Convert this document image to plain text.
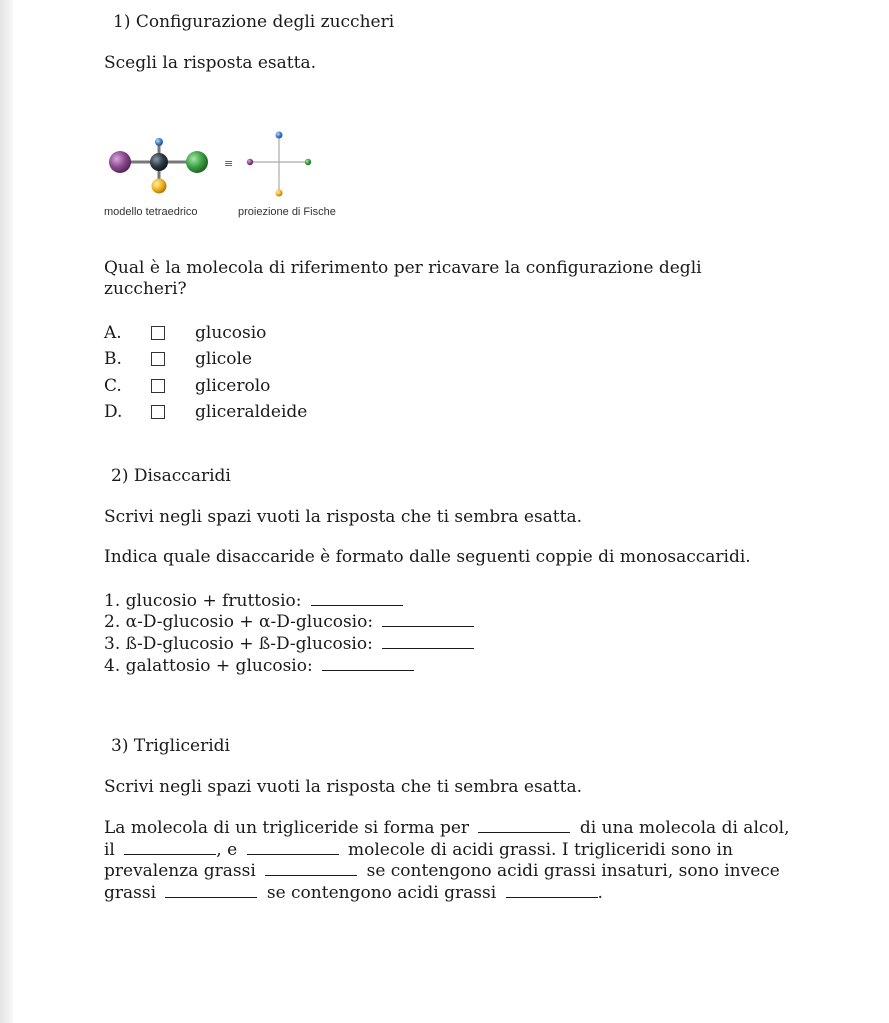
1) Configurazione degli zuccheri
Scegli la risposta esatta.
≡
modello tetraedrico	proiezione di Fische
Qual è la molecola di riferimento per ricavare la configurazione degli
zuccheri?
A.	glucosio
B.	glicole
C.	glicerolo
D.	gliceraldeide
2) Disaccaridi
Scrivi negli spazi vuoti la risposta che ti sembra esatta.
Indica quale disaccaride è formato dalle seguenti coppie di monosaccaridi.
1. glucosio + fruttosio:
2. α-D-glucosio + α-D-glucosio:
3. ß-D-glucosio + ß-D-glucosio:
4. galattosio + glucosio:
3) Trigliceridi
Scrivi negli spazi vuoti la risposta che ti sembra esatta.
La molecola di un trigliceride si forma per	di una molecola di alcol,
il	, e	molecole di acidi grassi. I trigliceridi sono in
prevalenza grassi	se contengono acidi grassi insaturi, sono invece
grassi	se contengono acidi grassi	.
